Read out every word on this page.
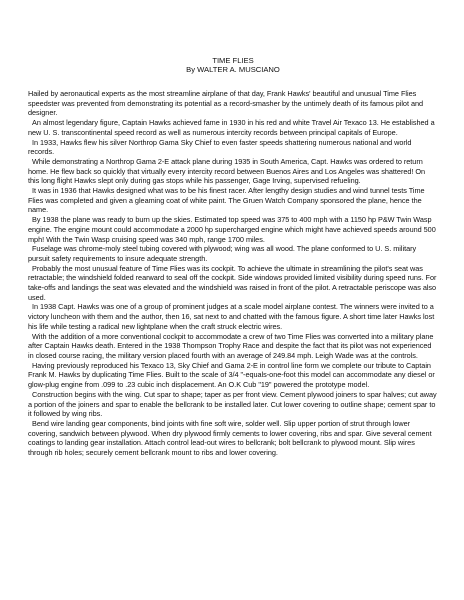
TIME FLIES
By WALTER A. MUSCIANO

Hailed by aeronautical experts as the most streamline airplane of that day, Frank Hawks' beautiful and unusual Time Flies speedster was prevented from demonstrating its potential as a record-smasher by the untimely death of its famous pilot and designer.

An almost legendary figure, Captain Hawks achieved fame in 1930 in his red and white Travel Air Texaco 13. He established a new U. S. transcontinental speed record as well as numerous intercity records between principal capitals of Europe.

In 1933, Hawks flew his silver Northrop Gama Sky Chief to even faster speeds shattering numerous national and world records.

While demonstrating a Northrop Gama 2-E attack plane during 1935 in South America, Capt. Hawks was ordered to return home. He flew back so quickly that virtually every intercity record between Buenos Aires and Los Angeles was shattered! On this long flight Hawks slept only during gas stops while his passenger, Gage Irving, supervised refueling.

It was in 1936 that Hawks designed what was to be his finest racer. After lengthy design studies and wind tunnel tests Time Flies was completed and given a gleaming coat of white paint. The Gruen Watch Company sponsored the plane, hence the name.

By 1938 the plane was ready to burn up the skies. Estimated top speed was 375 to 400 mph with a 1150 hp P&W Twin Wasp engine. The engine mount could accommodate a 2000 hp supercharged engine which might have achieved speeds around 500 mph! With the Twin Wasp cruising speed was 340 mph, range 1700 miles.

Fuselage was chrome-moly steel tubing covered with plywood; wing was all wood. The plane conformed to U. S. military pursuit safety requirements to insure adequate strength.

Probably the most unusual feature of Time Flies was its cockpit. To achieve the ultimate in streamlining the pilot's seat was retractable; the windshield folded rearward to seal off the cockpit. Side windows provided limited visibility during speed runs. For take-offs and landings the seat was elevated and the windshield was raised in front of the pilot. A retractable periscope was also used.

In 1938 Capt. Hawks was one of a group of prominent judges at a scale model airplane contest. The winners were invited to a victory luncheon with them and the author, then 16, sat next to and chatted with the famous figure. A short time later Hawks lost his life while testing a radical new lightplane when the craft struck electric wires.

With the addition of a more conventional cockpit to accommodate a crew of two Time Flies was converted into a military plane after Captain Hawks death. Entered in the 1938 Thompson Trophy Race and despite the fact that its pilot was not experienced in closed course racing, the military version placed fourth with an average of 249.84 mph. Leigh Wade was at the controls.

Having previously reproduced his Texaco 13, Sky Chief and Gama 2-E in control line form we complete our tribute to Captain Frank M. Hawks by duplicating Time Flies. Built to the scale of 3/4 "-equals-one-foot this model can accommodate any diesel or glow-plug engine from .099 to .23 cubic inch displacement. An O.K Cub "19" powered the prototype model.

Construction begins with the wing. Cut spar to shape; taper as per front view. Cement plywood joiners to spar halves; cut away a portion of the joiners and spar to enable the bellcrank to be installed later. Cut lower covering to outline shape; cement spar to it followed by wing ribs.

Bend wire landing gear components, bind joints with fine soft wire, solder well. Slip upper portion of strut through lower covering, sandwich between plywood. When dry plywood firmly cements to lower covering, ribs and spar. Give several cement coatings to landing gear installation. Attach control lead-out wires to bellcrank; bolt bellcrank to plywood mount. Slip wires through rib holes; securely cement bellcrank mount to ribs and lower covering.
